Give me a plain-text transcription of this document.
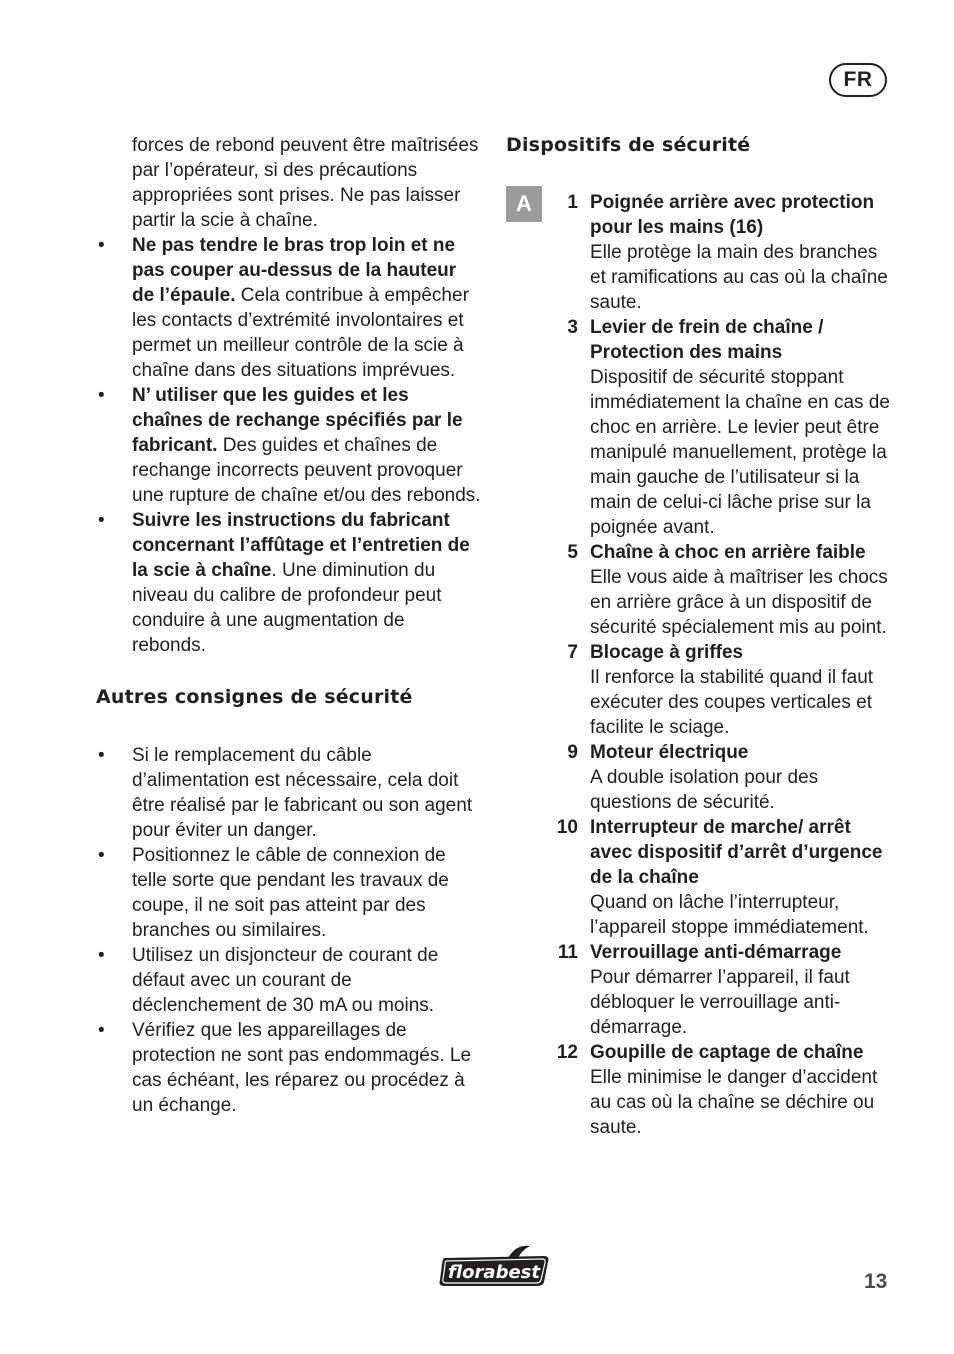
FR
forces de rebond peuvent être maîtrisées par l’opérateur, si des précautions appropriées sont prises. Ne pas laisser partir la scie à chaîne.
• Ne pas tendre le bras trop loin et ne pas couper au-dessus de la hauteur de l’épaule. Cela contribue à empêcher les contacts d’extrémité involontaires et permet un meilleur contrôle de la scie à chaîne dans des situations imprévues.
• N’ utiliser que les guides et les chaînes de rechange spécifiés par le fabricant. Des guides et chaînes de rechange incorrects peuvent provoquer une rupture de chaîne et/ou des rebonds.
• Suivre les instructions du fabricant concernant l’affûtage et l’entretien de la scie à chaîne. Une diminution du niveau du calibre de profondeur peut conduire à une augmentation de rebonds.
Autres consignes de sécurité
• Si le remplacement du câble d’alimentation est nécessaire, cela doit être réalisé par le fabricant ou son agent pour éviter un danger.
• Positionnez le câble de connexion de telle sorte que pendant les travaux de coupe, il ne soit pas atteint par des branches ou similaires.
• Utilisez un disjoncteur de courant de défaut avec un courant de déclenchement de 30 mA ou moins.
• Vérifiez que les appareillages de protection ne sont pas endommagés. Le cas échéant, les réparez ou procédez à un échange.
Dispositifs de sécurité
A	1 Poignée arrière avec protection pour les mains (16)
Elle protège la main des branches et ramifications au cas où la chaîne saute.
3 Levier de frein de chaîne / Protection des mains
Dispositif de sécurité stoppant immédiatement la chaîne en cas de choc en arrière. Le levier peut être manipulé manuellement, protège la main gauche de l’utilisateur si la main de celui-ci lâche prise sur la poignée avant.
5 Chaîne à choc en arrière faible
Elle vous aide à maîtriser les chocs en arrière grâce à un dispositif de sécurité spécialement mis au point.
7 Blocage à griffes
Il renforce la stabilité quand il faut exécuter des coupes verticales et facilite le sciage.
9 Moteur électrique
A double isolation pour des questions de sécurité.
10 Interrupteur de marche/ arrêt avec dispositif d’arrêt d’urgence de la chaîne
Quand on lâche l’interrupteur, l’appareil stoppe immédiatement.
11 Verrouillage anti-démarrage
Pour démarrer l’appareil, il faut débloquer le verrouillage anti-démarrage.
12 Goupille de captage de chaîne
Elle minimise le danger d’accident au cas où la chaîne se déchire ou saute.
florabest	13
